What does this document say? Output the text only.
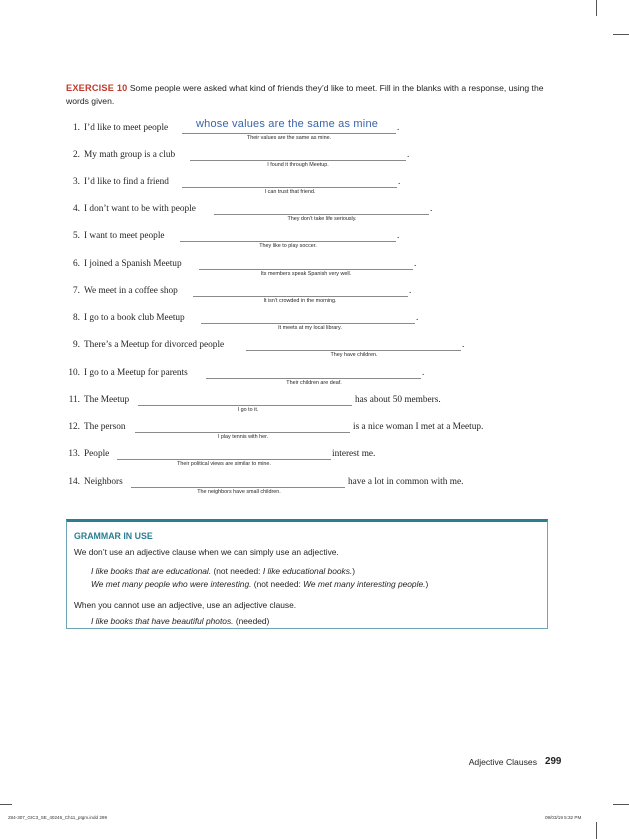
EXERCISE 10 Some people were asked what kind of friends they’d like to meet. Fill in the blanks with a response, using the words given.
1. I’d like to meet people	whose values are the same as mine .
Their values are the same as mine.
2. My math group is a club	.
I found it through Meetup.
3. I’d like to find a friend	.
I can trust that friend.
4. I don’t want to be with people	.
They don’t take life seriously.
5. I want to meet people	.
They like to play soccer.
6. I joined a Spanish Meetup	.
Its members speak Spanish very well.
7. We meet in a coffee shop	.
It isn’t crowded in the morning.
8. I go to a book club Meetup	.
It meets at my local library.
9. There’s a Meetup for divorced people	.
They have children.
10. I go to a Meetup for parents	.
Their children are deaf.
11. The Meetup	has about 50 members.
I go to it.
12. The person	is a nice woman I met at a Meetup.
I play tennis with her.
13. People	interest me.
Their political views are similar to mine.
14. Neighbors	have a lot in common with me.
The neighbors have small children.
GRAMMAR IN USE
We don’t use an adjective clause when we can simply use an adjective.
I like books that are educational. (not needed: I like educational books.)
We met many people who were interesting. (not needed: We met many interesting people.)
When you cannot use an adjective, use an adjective clause.
I like books that have beautiful photos. (needed)
Adjective Clauses 299
284-307_GIC3_SE_40246_Ch11_ptgm.indd 299	09/03/19 5:32 PM
